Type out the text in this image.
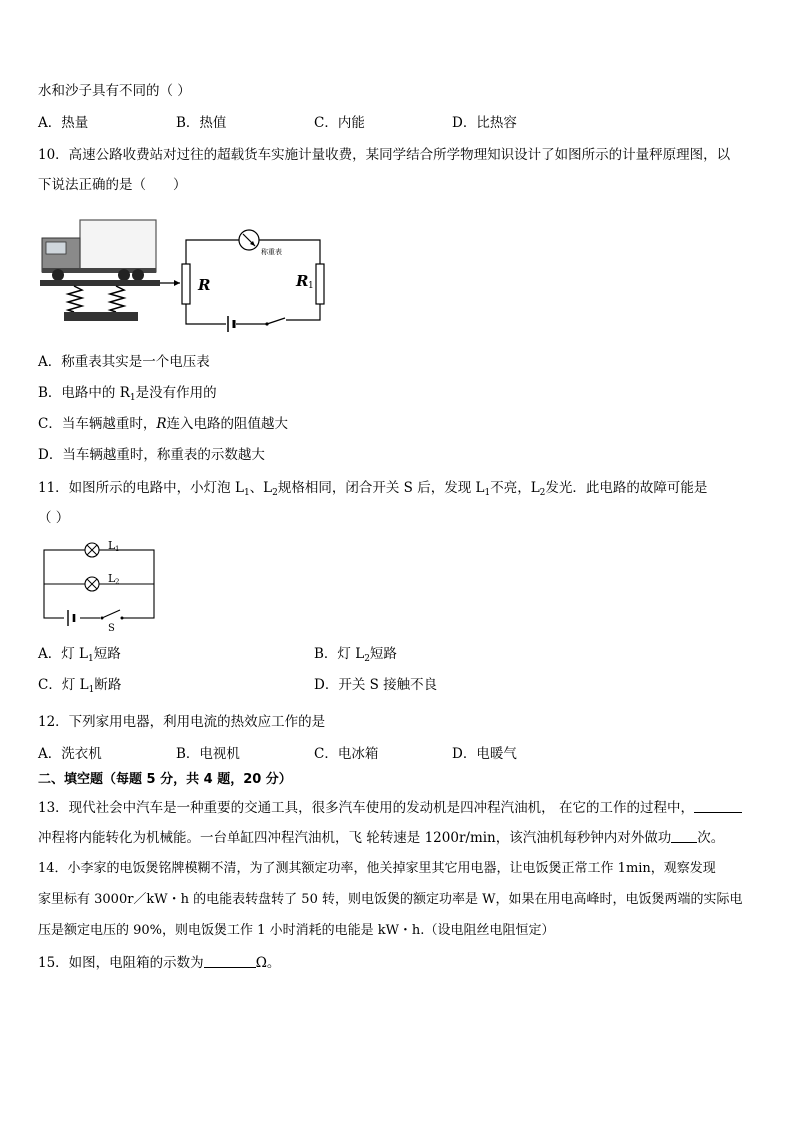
水和沙子具有不同的（ ）
A．热量	B．热值	C．内能	D．比热容
10．高速公路收费站对过往的超载货车实施计量收费，某同学结合所学物理知识设计了如图所示的计量秤原理图，以
下说法正确的是（　　）
R
称重表
R 1
A．称重表其实是一个电压表
B．电路中的 $R_1$是没有作用的
C．当车辆越重时，R连入电路的阻值越大
D．当车辆越重时，称重表的示数越大
11．如图所示的电路中，小灯泡 $L_1$、$L_2$规格相同，闭合开关 S 后，发现 $L_1$不亮，$L_2$发光．此电路的故障可能是
（ ）
L 1
L 2
S
A．灯 $L_1$短路	B．灯 $L_2$短路
C．灯 $L_1$断路	D．开关 S 接触不良
12．下列家用电器，利用电流的热效应工作的是
A．洗衣机	B．电视机	C．电冰箱	D．电暖气
二、填空题（每题 5 分，共 4 题，20 分）
13．现代社会中汽车是一种重要的交通工具，很多汽车使用的发动机是四冲程汽油机， 在它的工作的过程中，
冲程将内能转化为机械能。一台单缸四冲程汽油机，飞 轮转速是 1200r/min，该汽油机每秒钟内对外做功 次。
14．小李家的电饭煲铭牌模糊不清，为了测其额定功率，他关掉家里其它用电器，让电饭煲正常工作 1min，观察发现
家里标有 3000r／kW・h 的电能表转盘转了 50 转，则电饭煲的额定功率是 W，如果在用电高峰时，电饭煲两端的实际电
压是额定电压的 90%，则电饭煲工作 1 小时消耗的电能是 kW・h.（设电阻丝电阻恒定）
15．如图，电阻箱的示数为	Ω。
